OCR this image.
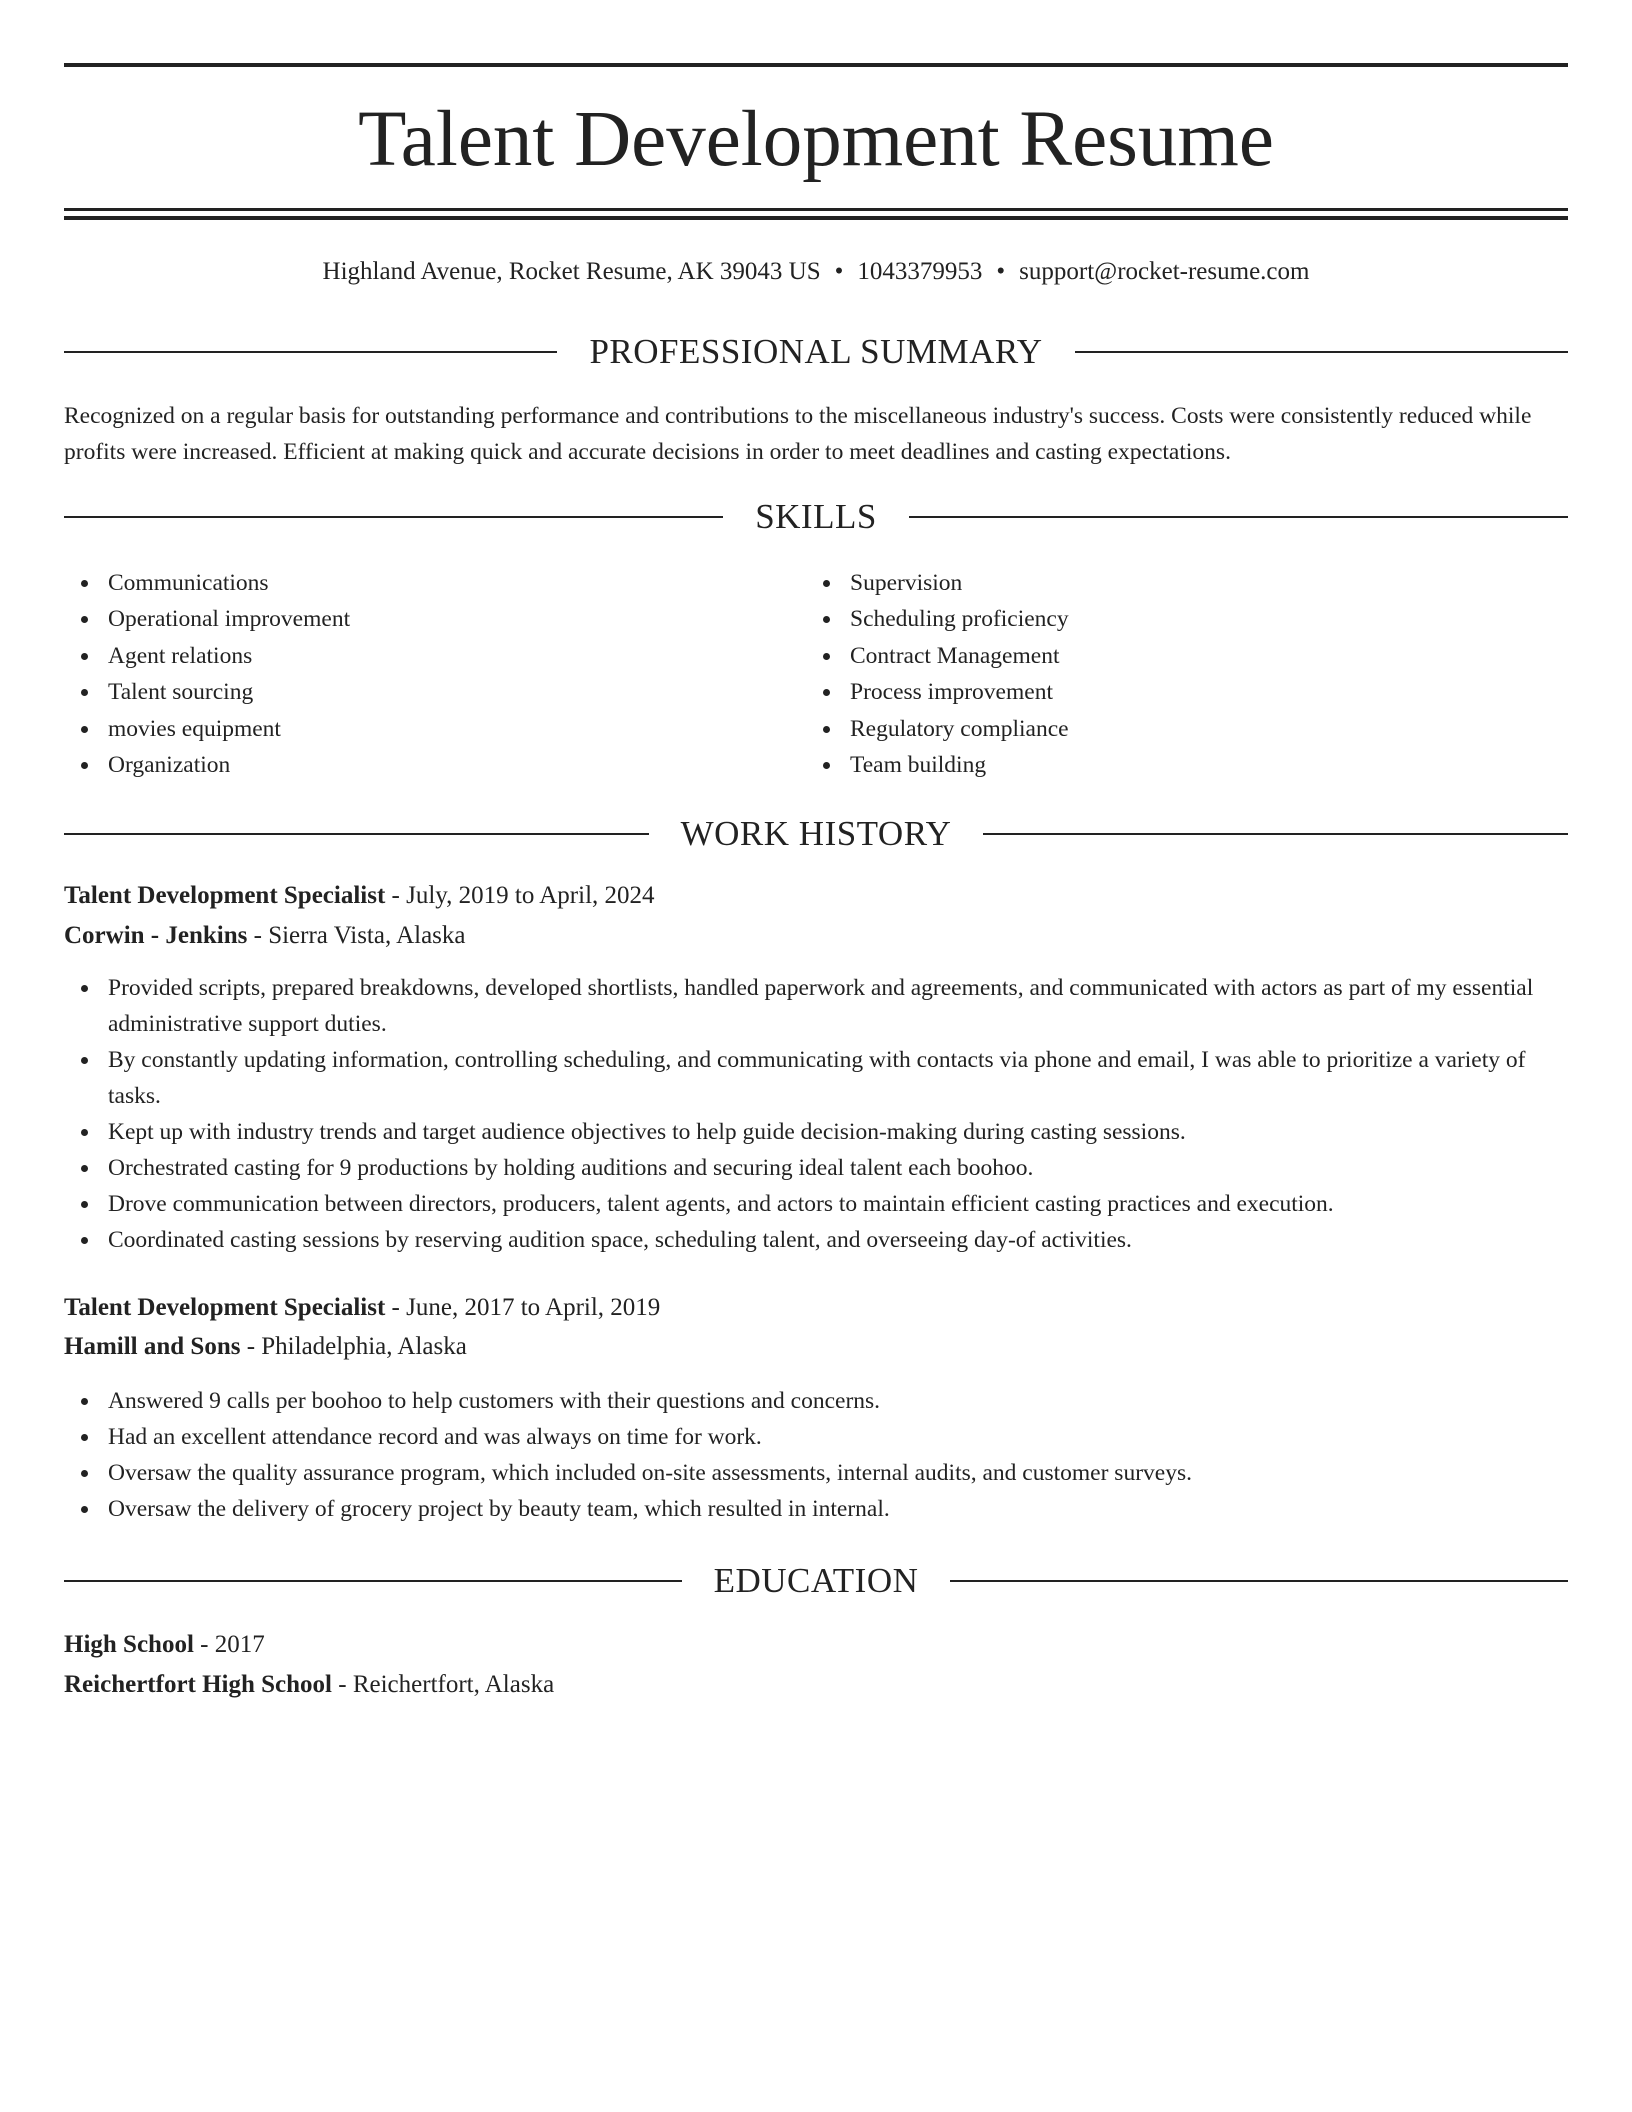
Talent Development Resume
Highland Avenue, Rocket Resume, AK 39043 US • 1043379953 • support@rocket-resume.com
PROFESSIONAL SUMMARY
Recognized on a regular basis for outstanding performance and contributions to the miscellaneous industry's success. Costs were consistently reduced while profits were increased. Efficient at making quick and accurate decisions in order to meet deadlines and casting expectations.
SKILLS
Communications
Operational improvement
Agent relations
Talent sourcing
movies equipment
Organization
Supervision
Scheduling proficiency
Contract Management
Process improvement
Regulatory compliance
Team building
WORK HISTORY
Talent Development Specialist - July, 2019 to April, 2024
Corwin - Jenkins - Sierra Vista, Alaska
Provided scripts, prepared breakdowns, developed shortlists, handled paperwork and agreements, and communicated with actors as part of my essential administrative support duties.
By constantly updating information, controlling scheduling, and communicating with contacts via phone and email, I was able to prioritize a variety of tasks.
Kept up with industry trends and target audience objectives to help guide decision-making during casting sessions.
Orchestrated casting for 9 productions by holding auditions and securing ideal talent each boohoo.
Drove communication between directors, producers, talent agents, and actors to maintain efficient casting practices and execution.
Coordinated casting sessions by reserving audition space, scheduling talent, and overseeing day-of activities.
Talent Development Specialist - June, 2017 to April, 2019
Hamill and Sons - Philadelphia, Alaska
Answered 9 calls per boohoo to help customers with their questions and concerns.
Had an excellent attendance record and was always on time for work.
Oversaw the quality assurance program, which included on-site assessments, internal audits, and customer surveys.
Oversaw the delivery of grocery project by beauty team, which resulted in internal.
EDUCATION
High School - 2017
Reichertfort High School - Reichertfort, Alaska
